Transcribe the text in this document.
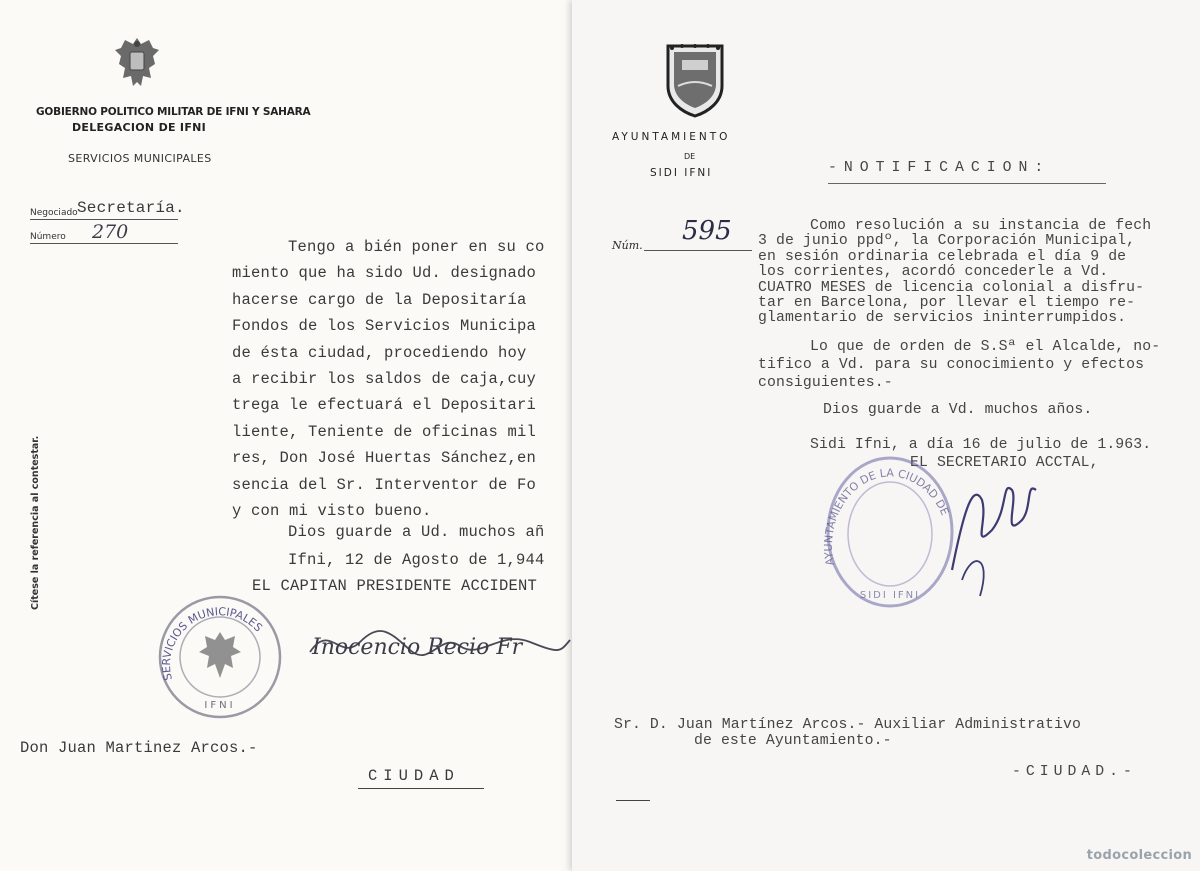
GOBIERNO POLITICO MILITAR DE IFNI Y SAHARA
DELEGACION DE IFNI
SERVICIOS MUNICIPALES
Negociado Secretaría.
Número 270
Cítese la referencia al contestar.
Tengo a bién poner en su co
miento que ha sido Ud. designado
hacerse cargo de la Depositaría
Fondos de los Servicios Municipa
de ésta ciudad, procediendo hoy
a recibir los saldos de caja,cuy
trega le efectuará el Depositari
liente, Teniente de oficinas mil
res, Don José Huertas Sánchez,en
sencia del Sr. Interventor de Fo
y con mi visto bueno.
Dios guarde a Ud. muchos añ
Ifni, 12 de Agosto de 1,944
EL CAPITAN PRESIDENTE ACCIDENT
SERVICIOS MUNICIPALES
IFNI
Inocencio Recio Fr
Don Juan Martinez Arcos.-
CIUDAD
AYUNTAMIENTO
DE
SIDI IFNI
Núm. 595
-NOTIFICACION:
Como resolución a su instancia de fech
3 de junio ppdº, la Corporación Municipal,
en sesión ordinaria celebrada el día 9 de
los corrientes, acordó concederle a Vd.
CUATRO MESES de licencia colonial a disfru-
tar en Barcelona, por llevar el tiempo re-
glamentario de servicios ininterrumpidos.
Lo que de orden de S.Sª el Alcalde, no-
tifico a Vd. para su conocimiento y efectos
consiguientes.-
Dios guarde a Vd. muchos años.
Sidi Ifni, a día 16 de julio de 1.963.
EL SECRETARIO ACCTAL,
AYUNTAMIENTO DE LA CIUDAD DE
SIDI IFNI
Sr. D. Juan Martínez Arcos.- Auxiliar Administrativo
de este Ayuntamiento.-
-CIUDAD.-
todocoleccion
